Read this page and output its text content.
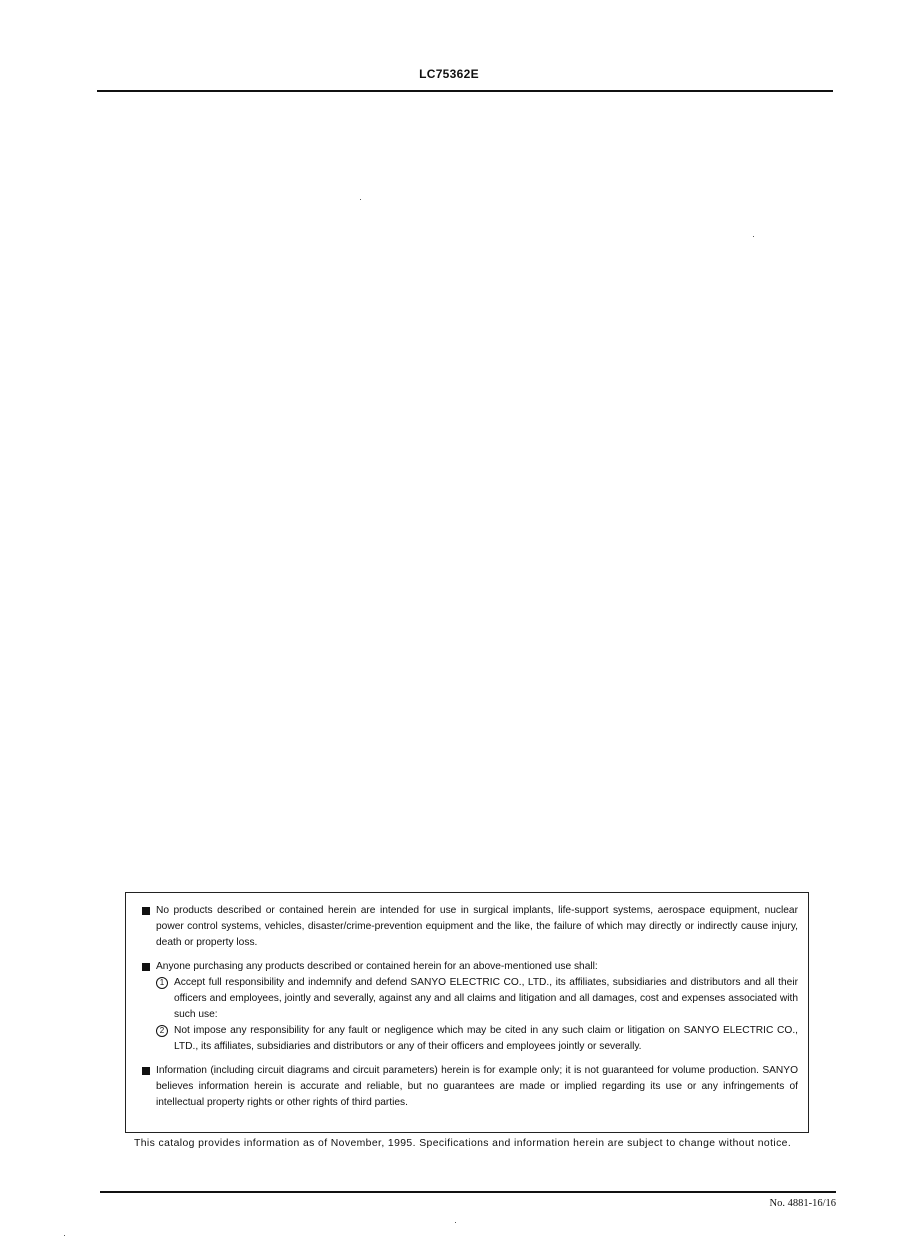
LC75362E
No products described or contained herein are intended for use in surgical implants, life-support systems, aerospace equipment, nuclear power control systems, vehicles, disaster/crime-prevention equipment and the like, the failure of which may directly or indirectly cause injury, death or property loss.
Anyone purchasing any products described or contained herein for an above-mentioned use shall:
1 Accept full responsibility and indemnify and defend SANYO ELECTRIC CO., LTD., its affiliates, subsidiaries and distributors and all their officers and employees, jointly and severally, against any and all claims and litigation and all damages, cost and expenses associated with such use:
2 Not impose any responsibility for any fault or negligence which may be cited in any such claim or litigation on SANYO ELECTRIC CO., LTD., its affiliates, subsidiaries and distributors or any of their officers and employees jointly or severally.
Information (including circuit diagrams and circuit parameters) herein is for example only; it is not guaranteed for volume production. SANYO believes information herein is accurate and reliable, but no guarantees are made or implied regarding its use or any infringements of intellectual property rights or other rights of third parties.
This catalog provides information as of November, 1995. Specifications and information herein are subject to change without notice.
No. 4881-16/16
